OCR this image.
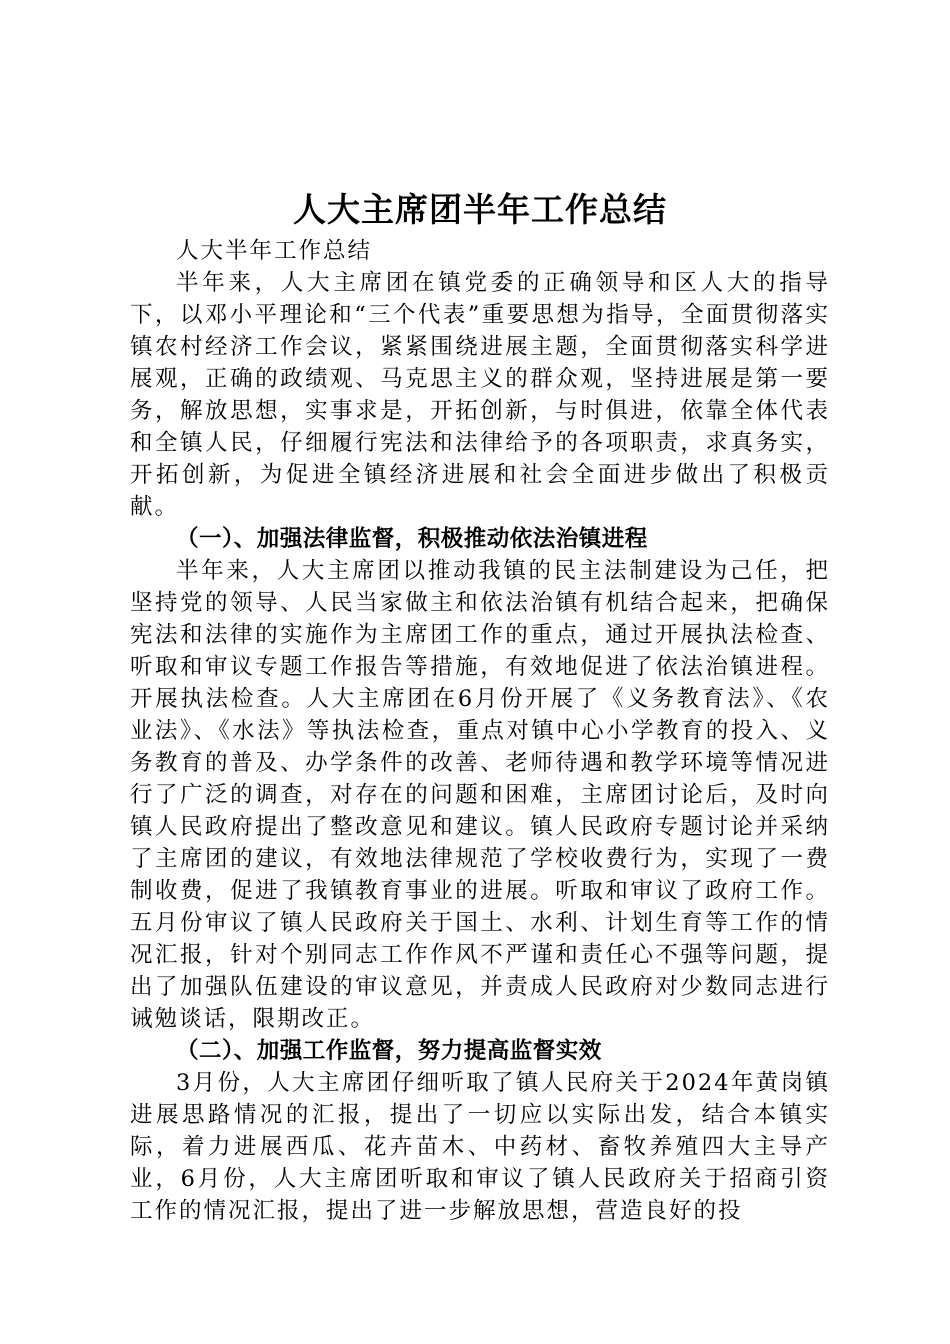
人大主席团半年工作总结

人大半年工作总结

半年来，人大主席团在镇党委的正确领导和区人大的指导下，以邓小平理论和“三个代表”重要思想为指导，全面贯彻落实镇农村经济工作会议，紧紧围绕进展主题，全面贯彻落实科学进展观，正确的政绩观、马克思主义的群众观，坚持进展是第一要务，解放思想，实事求是，开拓创新，与时俱进，依靠全体代表和全镇人民，仔细履行宪法和法律给予的各项职责，求真务实，开拓创新，为促进全镇经济进展和社会全面进步做出了积极贡献。

（一）、加强法律监督，积极推动依法治镇进程

半年来，人大主席团以推动我镇的民主法制建设为己任，把坚持党的领导、人民当家做主和依法治镇有机结合起来，把确保宪法和法律的实施作为主席团工作的重点，通过开展执法检查、听取和审议专题工作报告等措施，有效地促进了依法治镇进程。开展执法检查。人大主席团在6月份开展了《义务教育法》、《农业法》、《水法》等执法检查，重点对镇中心小学教育的投入、义务教育的普及、办学条件的改善、老师待遇和教学环境等情况进行了广泛的调查，对存在的问题和困难，主席团讨论后，及时向镇人民政府提出了整改意见和建议。镇人民政府专题讨论并采纳了主席团的建议，有效地法律规范了学校收费行为，实现了一费制收费，促进了我镇教育事业的进展。听取和审议了政府工作。五月份审议了镇人民政府关于国土、水利、计划生育等工作的情况汇报，针对个别同志工作作风不严谨和责任心不强等问题，提出了加强队伍建设的审议意见，并责成人民政府对少数同志进行诫勉谈话，限期改正。

（二）、加强工作监督，努力提高监督实效

3月份，人大主席团仔细听取了镇人民府关于2024年黄岗镇进展思路情况的汇报，提出了一切应以实际出发，结合本镇实际，着力进展西瓜、花卉苗木、中药材、畜牧养殖四大主导产业，6月份，人大主席团听取和审议了镇人民政府关于招商引资工作的情况汇报，提出了进一步解放思想，营造良好的投
